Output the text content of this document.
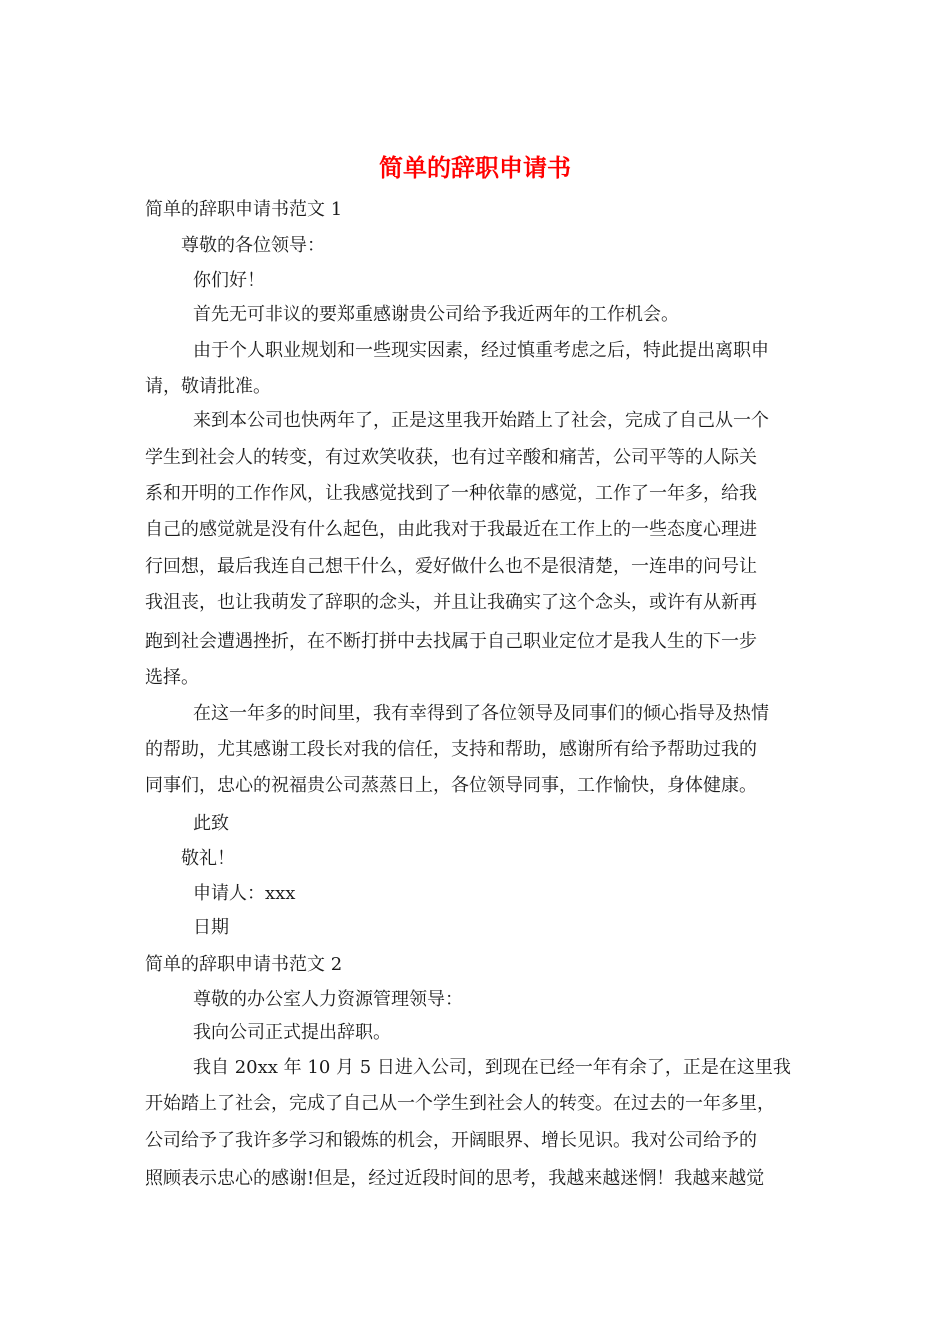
简单的辞职申请书

简单的辞职申请书范文 1

尊敬的各位领导：

你们好！

首先无可非议的要郑重感谢贵公司给予我近两年的工作机会。

由于个人职业规划和一些现实因素，经过慎重考虑之后，特此提出离职申

请，敬请批准。

来到本公司也快两年了，正是这里我开始踏上了社会，完成了自己从一个

学生到社会人的转变，有过欢笑收获，也有过辛酸和痛苦，公司平等的人际关

系和开明的工作作风，让我感觉找到了一种依靠的感觉，工作了一年多，给我

自己的感觉就是没有什么起色，由此我对于我最近在工作上的一些态度心理进

行回想，最后我连自己想干什么，爱好做什么也不是很清楚，一连串的问号让

我沮丧，也让我萌发了辞职的念头，并且让我确实了这个念头，或许有从新再

跑到社会遭遇挫折，在不断打拼中去找属于自己职业定位才是我人生的下一步

选择。

在这一年多的时间里，我有幸得到了各位领导及同事们的倾心指导及热情

的帮助，尤其感谢工段长对我的信任，支持和帮助，感谢所有给予帮助过我的

同事们，忠心的祝福贵公司蒸蒸日上，各位领导同事，工作愉快，身体健康。

此致

敬礼！

申请人：xxx

日期

简单的辞职申请书范文 2

尊敬的办公室人力资源管理领导：

我向公司正式提出辞职。

我自 20xx 年 10 月 5 日进入公司，到现在已经一年有余了，正是在这里我

开始踏上了社会，完成了自己从一个学生到社会人的转变。在过去的一年多里，

公司给予了我许多学习和锻炼的机会，开阔眼界、增长见识。我对公司给予的

照顾表示忠心的感谢!但是，经过近段时间的思考，我越来越迷惘！我越来越觉
